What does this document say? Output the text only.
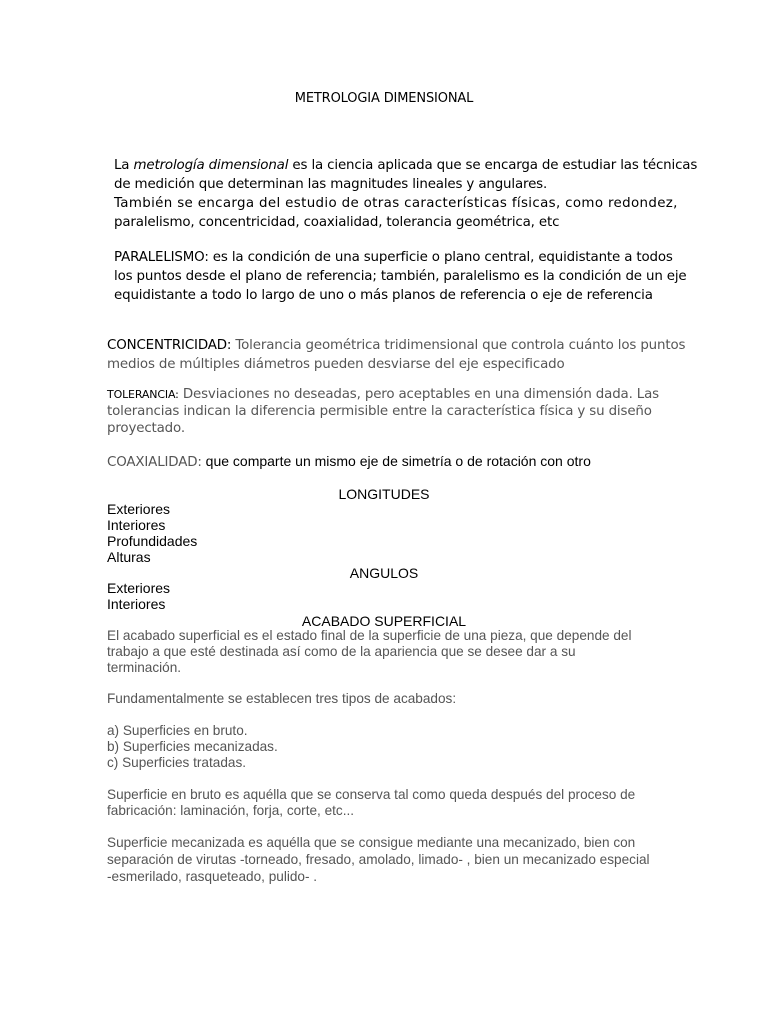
METROLOGIA DIMENSIONAL
La metrología dimensional es la ciencia aplicada que se encarga de estudiar las técnicas
de medición que determinan las magnitudes lineales y angulares.
También se encarga del estudio de otras características físicas, como redondez,
paralelismo, concentricidad, coaxialidad, tolerancia geométrica, etc
PARALELISMO: es la condición de una superficie o plano central, equidistante a todos
los puntos desde el plano de referencia; también, paralelismo es la condición de un eje
equidistante a todo lo largo de uno o más planos de referencia o eje de referencia
CONCENTRICIDAD: Tolerancia geométrica tridimensional que controla cuánto los puntos
medios de múltiples diámetros pueden desviarse del eje especificado
TOLERANCIA: Desviaciones no deseadas, pero aceptables en una dimensión dada. Las
tolerancias indican la diferencia permisible entre la característica física y su diseño
proyectado.
COAXIALIDAD: que comparte un mismo eje de simetría o de rotación con otro
LONGITUDES
Exteriores
Interiores
Profundidades
Alturas
ANGULOS
Exteriores
Interiores
ACABADO SUPERFICIAL
El acabado superficial es el estado final de la superficie de una pieza, que depende del
trabajo a que esté destinada así como de la apariencia que se desee dar a su
terminación.
Fundamentalmente se establecen tres tipos de acabados:
a) Superficies en bruto.
b) Superficies mecanizadas.
c) Superficies tratadas.
Superficie en bruto es aquélla que se conserva tal como queda después del proceso de
fabricación: laminación, forja, corte, etc...
Superficie mecanizada es aquélla que se consigue mediante una mecanizado, bien con
separación de virutas -torneado, fresado, amolado, limado- , bien un mecanizado especial
-esmerilado, rasqueteado, pulido- .
